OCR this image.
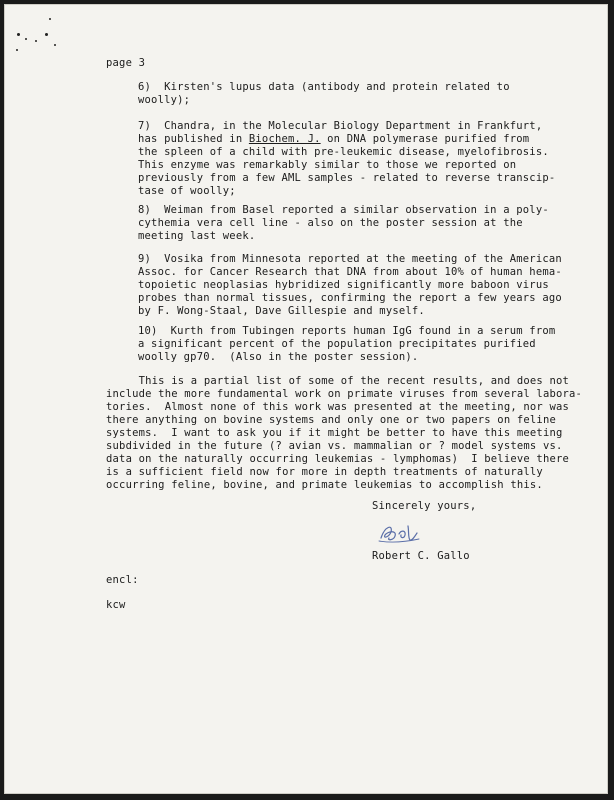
page 3
6)  Kirsten's lupus data (antibody and protein related to
woolly);
7)  Chandra, in the Molecular Biology Department in Frankfurt,
has published in Biochem. J. on DNA polymerase purified from
the spleen of a child with pre-leukemic disease, myelofibrosis.
This enzyme was remarkably similar to those we reported on
previously from a few AML samples - related to reverse transcip-
tase of woolly;
8)  Weiman from Basel reported a similar observation in a poly-
cythemia vera cell line - also on the poster session at the
meeting last week.
9)  Vosika from Minnesota reported at the meeting of the American
Assoc. for Cancer Research that DNA from about 10% of human hema-
topoietic neoplasias hybridized significantly more baboon virus
probes than normal tissues, confirming the report a few years ago
by F. Wong-Staal, Dave Gillespie and myself.
10)  Kurth from Tubingen reports human IgG found in a serum from
a significant percent of the population precipitates purified
woolly gp70.  (Also in the poster session).
This is a partial list of some of the recent results, and does not
include the more fundamental work on primate viruses from several labora-
tories.  Almost none of this work was presented at the meeting, nor was
there anything on bovine systems and only one or two papers on feline
systems.  I want to ask you if it might be better to have this meeting
subdivided in the future (? avian vs. mammalian or ? model systems vs.
data on the naturally occurring leukemias - lymphomas)  I believe there
is a sufficient field now for more in depth treatments of naturally
occurring feline, bovine, and primate leukemias to accomplish this.
Sincerely yours,
Robert C. Gallo
encl:
kcw
